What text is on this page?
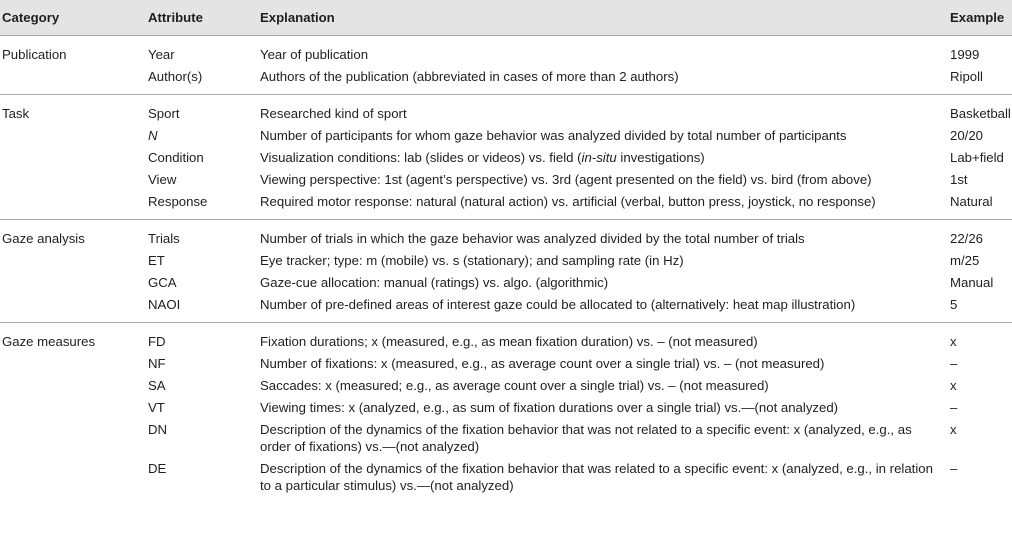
Category	Attribute	Explanation	Example
Publication	Year	Year of publication	1999
	Author(s)	Authors of the publication (abbreviated in cases of more than 2 authors)	Ripoll
Task	Sport	Researched kind of sport	Basketball
	N	Number of participants for whom gaze behavior was analyzed divided by total number of participants	20/20
	Condition	Visualization conditions: lab (slides or videos) vs. field (in-situ investigations)	Lab+field
	View	Viewing perspective: 1st (agent’s perspective) vs. 3rd (agent presented on the field) vs. bird (from above)	1st
	Response	Required motor response: natural (natural action) vs. artificial (verbal, button press, joystick, no response)	Natural
Gaze analysis	Trials	Number of trials in which the gaze behavior was analyzed divided by the total number of trials	22/26
	ET	Eye tracker; type: m (mobile) vs. s (stationary); and sampling rate (in Hz)	m/25
	GCA	Gaze-cue allocation: manual (ratings) vs. algo. (algorithmic)	Manual
	NAOI	Number of pre-defined areas of interest gaze could be allocated to (alternatively: heat map illustration)	5
Gaze measures	FD	Fixation durations; x (measured, e.g., as mean fixation duration) vs. – (not measured)	x
	NF	Number of fixations: x (measured, e.g., as average count over a single trial) vs. – (not measured)	–
	SA	Saccades: x (measured; e.g., as average count over a single trial) vs. – (not measured)	x
	VT	Viewing times: x (analyzed, e.g., as sum of fixation durations over a single trial) vs.—(not analyzed)	–
	DN	Description of the dynamics of the fixation behavior that was not related to a specific event: x (analyzed, e.g., as order of fixations) vs.—(not analyzed)	x
	DE	Description of the dynamics of the fixation behavior that was related to a specific event: x (analyzed, e.g., in relation to a particular stimulus) vs.—(not analyzed)	–
